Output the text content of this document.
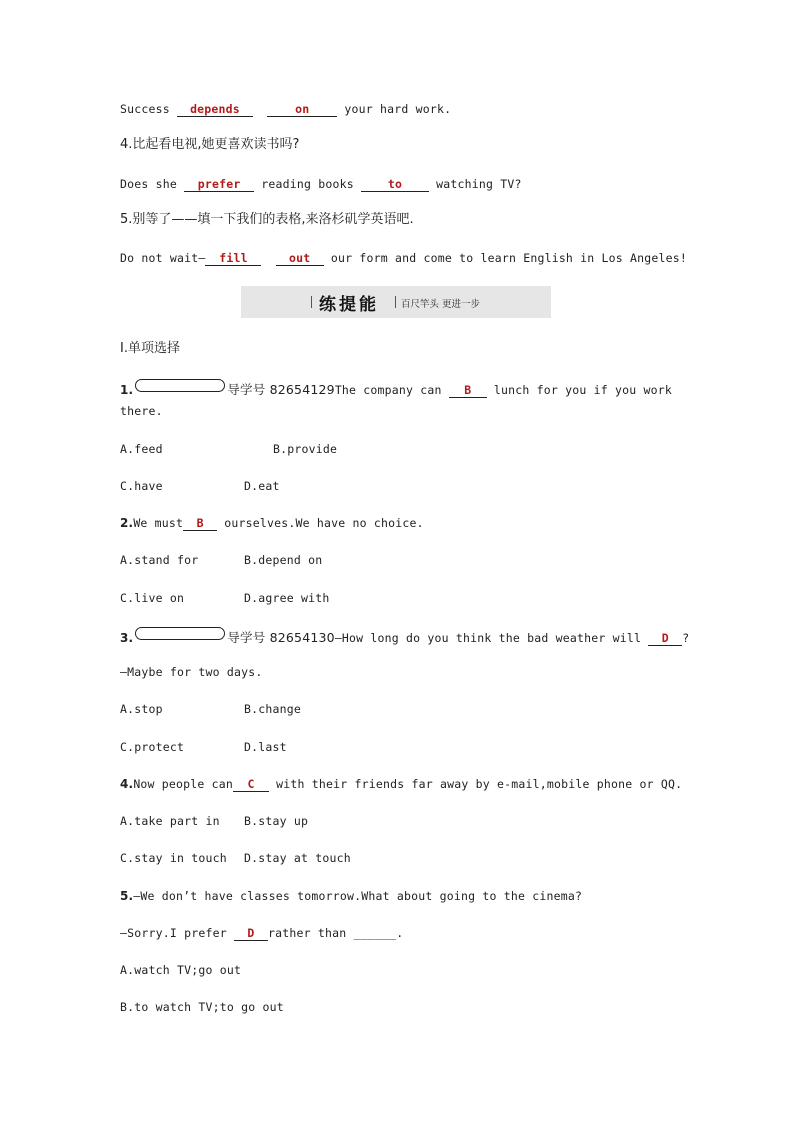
Success depends	on your hard work.
4.比起看电视,她更喜欢读书吗?
Does she prefer reading books to watching TV?
5.别等了——填一下我们的表格,来洛杉矶学英语吧.
Do not wait— fill	out our form and come to learn English in Los Angeles!
练提能 百尺竿头 更进一步
Ⅰ.单项选择
1.	导学号 82654129The company can B lunch for you if you work
there.
A.feed	B.provide
C.have	D.eat
2.We must B ourselves.We have no choice.
A.stand for	B.depend on
C.live on	D.agree with
3.	导学号 82654130—How long do you think the bad weather will D ?
—Maybe for two days.
A.stop	B.change
C.protect	D.last
4.Now people can C with their friends far away by e-mail,mobile phone or QQ.
A.take part in B.stay up
C.stay in touch D.stay at touch
5.—We don’t have classes tomorrow.What about going to the cinema?
—Sorry.I prefer D rather than ______.
A.watch TV;go out
B.to watch TV;to go out
